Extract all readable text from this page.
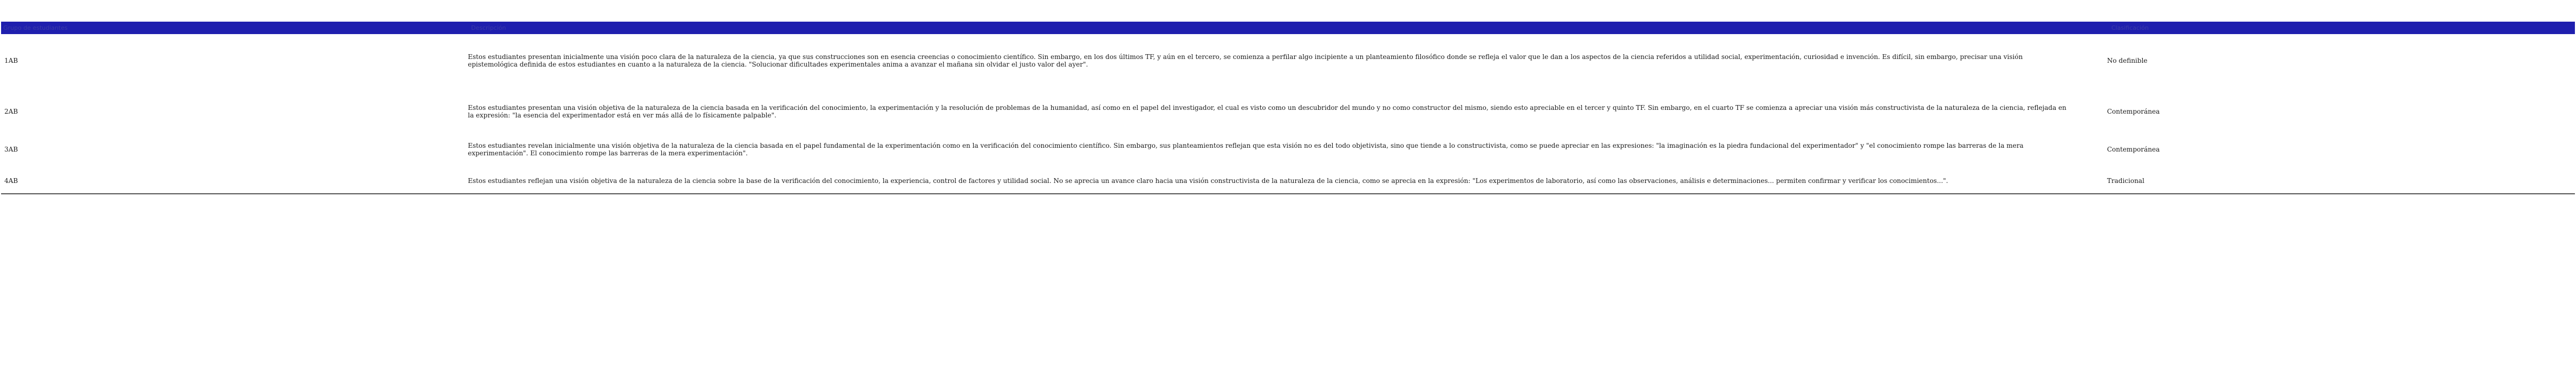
Grupo de estudiantes	Descripción	Clasificación
1AB	Estos estudiantes presentan inicialmente una visión poco clara de la naturaleza de la ciencia, ya que sus construcciones son en esencia creencias o conocimiento científico. Sin embargo, en los dos últimos TF, y aún en el tercero, se comienza a perfilar algo incipiente a un planteamiento filosófico donde se refleja el valor que le dan a los aspectos de la ciencia referidos a utilidad social, experimentación, curiosidad e invención. Es difícil, sin embargo, precisar una visión epistemológica definida de estos estudiantes en cuanto a la naturaleza de la ciencia. "Solucionar dificultades experimentales anima a avanzar el mañana sin olvidar el justo valor del ayer".	No definible
2AB	Estos estudiantes presentan una visión objetiva de la naturaleza de la ciencia basada en la verificación del conocimiento, la experimentación y la resolución de problemas de la humanidad, así como en el papel del investigador, el cual es visto como un descubridor del mundo y no como constructor del mismo, siendo esto apreciable en el tercer y quinto TF. Sin embargo, en el cuarto TF se comienza a apreciar una visión más constructivista de la naturaleza de la ciencia, reflejada en la expresión: "la esencia del experimentador está en ver más allá de lo físicamente palpable".	Contemporánea
3AB	Estos estudiantes revelan inicialmente una visión objetiva de la naturaleza de la ciencia basada en el papel fundamental de la experimentación como en la verificación del conocimiento científico. Sin embargo, sus planteamientos reflejan que esta visión no es del todo objetivista, sino que tiende a lo constructivista, como se puede apreciar en las expresiones: "la imaginación es la piedra fundacional del experimentador" y "el conocimiento rompe las barreras de la mera experimentación". El conocimiento rompe las barreras de la mera experimentación".	Contemporánea
4AB	Estos estudiantes reflejan una visión objetiva de la naturaleza de la ciencia sobre la base de la verificación del conocimiento, la experiencia, control de factores y utilidad social. No se aprecia un avance claro hacia una visión constructivista de la naturaleza de la ciencia, como se aprecia en la expresión: "Los experimentos de laboratorio, así como las observaciones, análisis e determinaciones... permiten confirmar y verificar los conocimientos...".	Tradicional
